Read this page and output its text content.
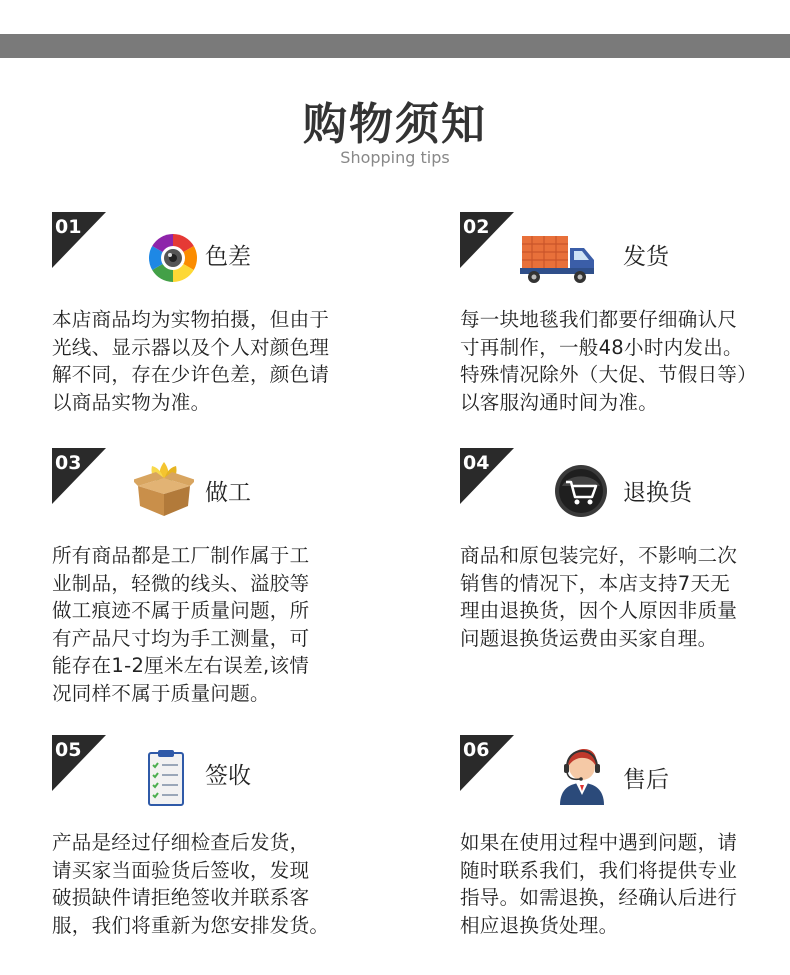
购物须知
Shopping tips
01
色差
本店商品均为实物拍摄，但由于
光线、显示器以及个人对颜色理
解不同，存在少许色差，颜色请
以商品实物为准。
02
发货
每一块地毯我们都要仔细确认尺
寸再制作，一般48小时内发出。
特殊情况除外（大促、节假日等）
以客服沟通时间为准。
03
做工
所有商品都是工厂制作属于工
业制品，轻微的线头、溢胶等
做工痕迹不属于质量问题，所
有产品尺寸均为手工测量，可
能存在1-2厘米左右误差,该情
况同样不属于质量问题。
04
退换货
商品和原包装完好，不影响二次
销售的情况下，本店支持7天无
理由退换货，因个人原因非质量
问题退换货运费由买家自理。
05
签收
产品是经过仔细检查后发货，
请买家当面验货后签收，发现
破损缺件请拒绝签收并联系客
服，我们将重新为您安排发货。
06
售后
如果在使用过程中遇到问题，请
随时联系我们，我们将提供专业
指导。如需退换，经确认后进行
相应退换货处理。
